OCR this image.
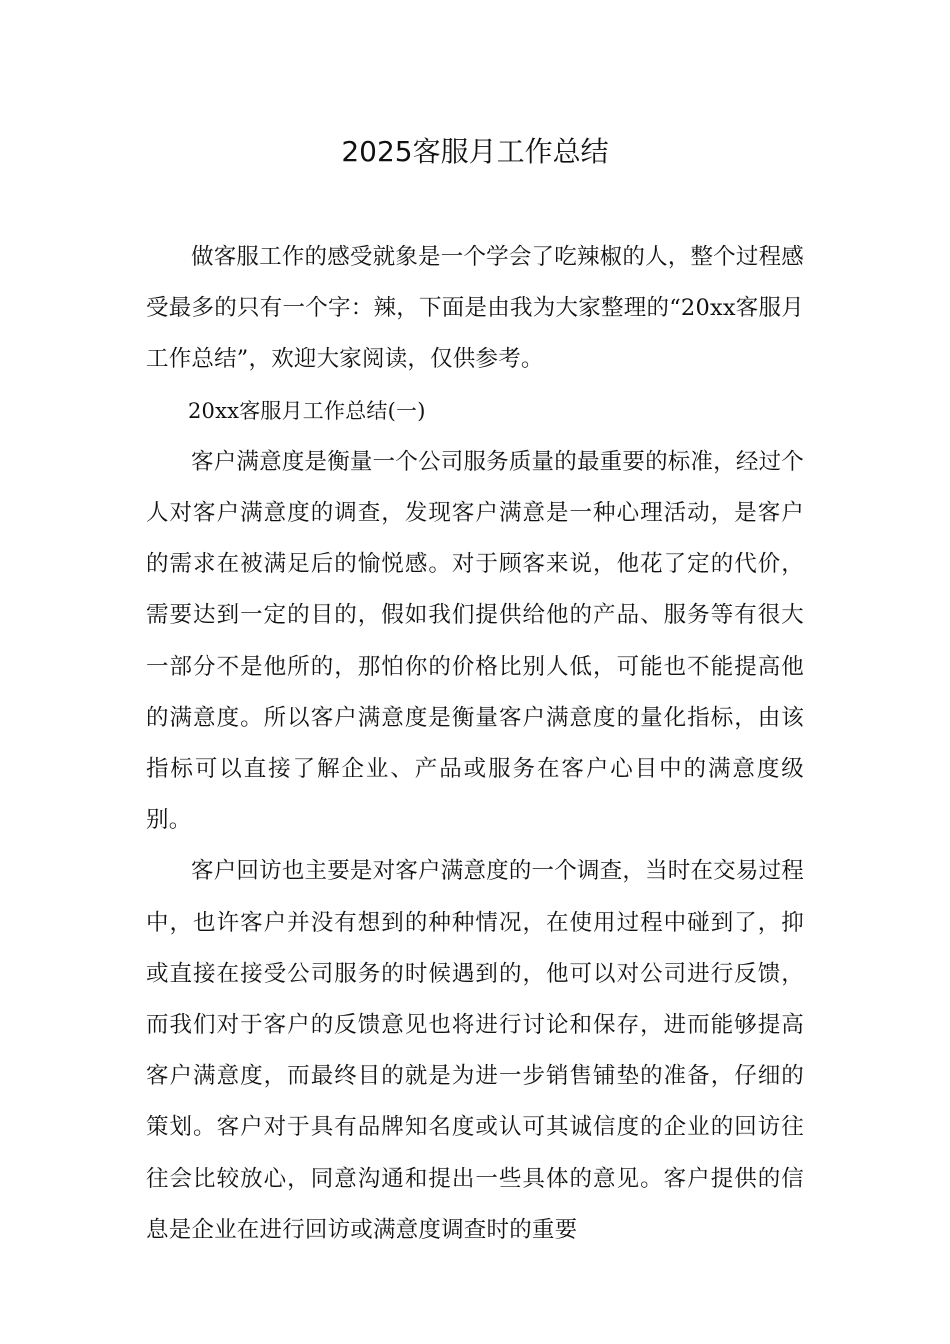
2025客服月工作总结

做客服工作的感受就象是一个学会了吃辣椒的人，整个过程感受最多的只有一个字：辣，下面是由我为大家整理的“20xx客服月工作总结”，欢迎大家阅读，仅供参考。

20xx客服月工作总结(一)

客户满意度是衡量一个公司服务质量的最重要的标准，经过个人对客户满意度的调查，发现客户满意是一种心理活动，是客户的需求在被满足后的愉悦感。对于顾客来说，他花了定的代价，需要达到一定的目的，假如我们提供给他的产品、服务等有很大一部分不是他所的，那怕你的价格比别人低，可能也不能提高他的满意度。所以客户满意度是衡量客户满意度的量化指标，由该指标可以直接了解企业、产品或服务在客户心目中的满意度级别。

客户回访也主要是对客户满意度的一个调查，当时在交易过程中，也许客户并没有想到的种种情况，在使用过程中碰到了，抑或直接在接受公司服务的时候遇到的，他可以对公司进行反馈，而我们对于客户的反馈意见也将进行讨论和保存，进而能够提高客户满意度，而最终目的就是为进一步销售铺垫的准备，仔细的策划。客户对于具有品牌知名度或认可其诚信度的企业的回访往往会比较放心，同意沟通和提出一些具体的意见。客户提供的信息是企业在进行回访或满意度调查时的重要
